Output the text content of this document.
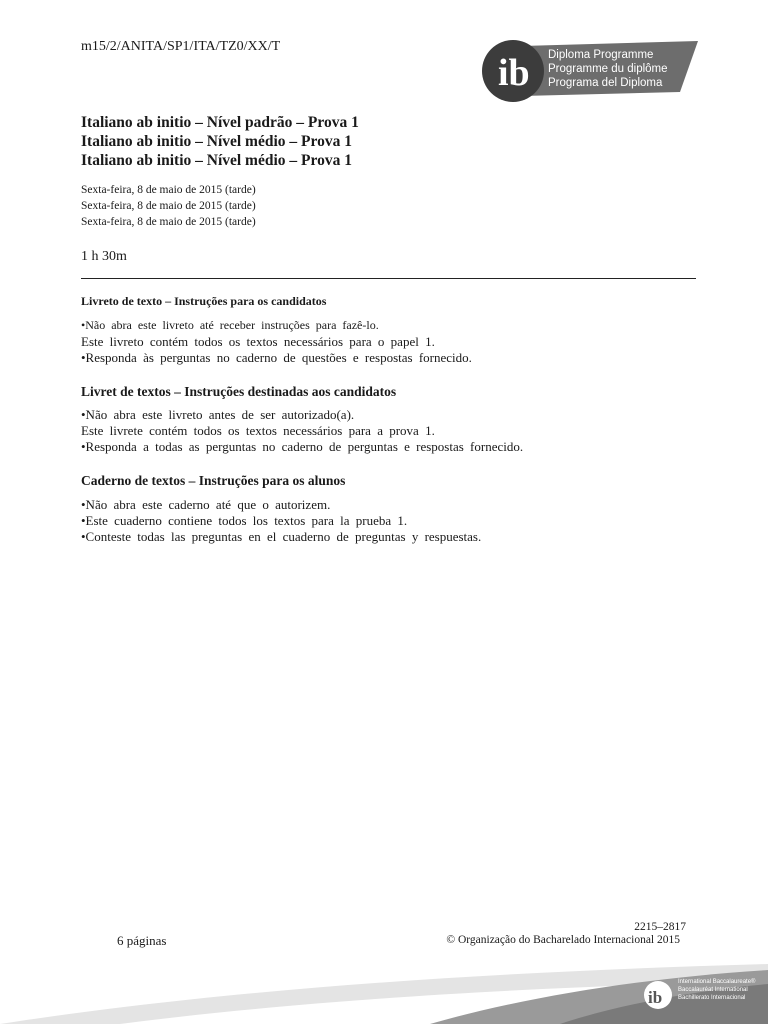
m15/2/ANITA/SP1/ITA/TZ0/XX/T
ib Diploma Programme
Programme du diplôme
Programa del Diploma
Italiano ab initio – Nível padrão – Prova 1
Italiano ab initio – Nível médio – Prova 1
Italiano ab initio – Nível médio – Prova 1
Sexta-feira, 8 de maio de 2015 (tarde)
Sexta-feira, 8 de maio de 2015 (tarde)
Sexta-feira, 8 de maio de 2015 (tarde)
1 h 30m
Livreto de texto – Instruções para os candidatos
•Não abra este livreto até receber instruções para fazê-lo.
Este livreto contém todos os textos necessários para o papel 1.
•Responda às perguntas no caderno de questões e respostas fornecido.
Livret de textos – Instruções destinadas aos candidatos
•Não abra este livreto antes de ser autorizado(a).
Este livrete contém todos os textos necessários para a prova 1.
•Responda a todas as perguntas no caderno de perguntas e respostas fornecido.
Caderno de textos – Instruções para os alunos
•Não abra este caderno até que o autorizem.
•Este cuaderno contiene todos los textos para la prueba 1.
•Conteste todas las preguntas en el cuaderno de preguntas y respuestas.
2215–2817
6 páginas	© Organização do Bacharelado Internacional 2015
ib
International Baccalaureate®
Baccalauréat International
Bachillerato Internacional
